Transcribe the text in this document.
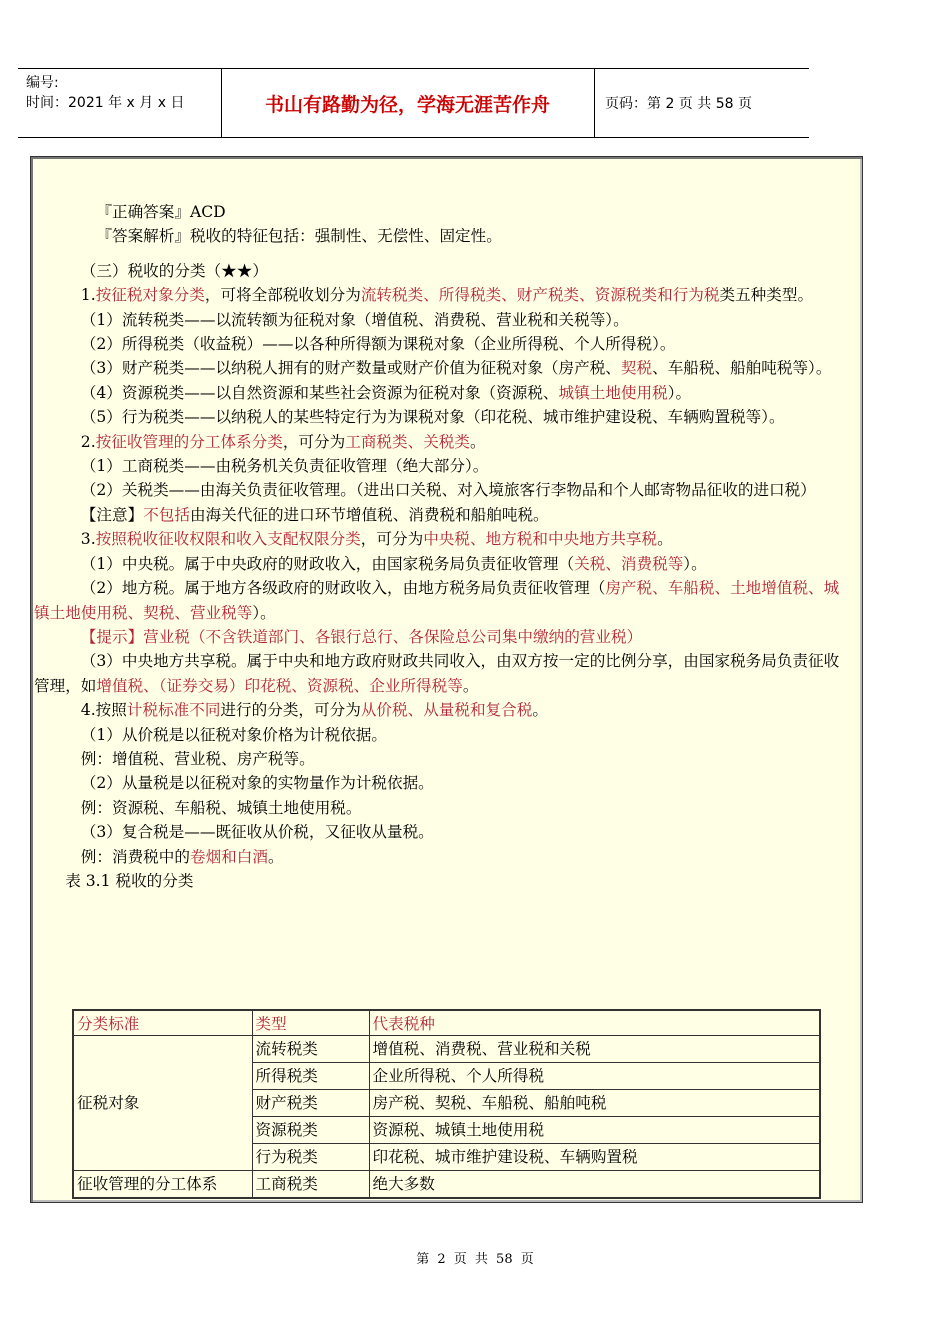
编号:
时间：2021 年 x 月 x 日	书山有路勤为径，学海无涯苦作舟	页码：第 2 页 共 58 页

『正确答案』ACD

『答案解析』税收的特征包括：强制性、无偿性、固定性。

（三）税收的分类（★★）

1.按征税对象分类，可将全部税收划分为流转税类、所得税类、财产税类、资源税类和行为税类五种类型。

（1）流转税类——以流转额为征税对象（增值税、消费税、营业税和关税等）。

（2）所得税类（收益税）——以各种所得额为课税对象（企业所得税、个人所得税）。

（3）财产税类——以纳税人拥有的财产数量或财产价值为征税对象（房产税、契税、车船税、船舶吨税等）。

（4）资源税类——以自然资源和某些社会资源为征税对象（资源税、城镇土地使用税）。

（5）行为税类——以纳税人的某些特定行为为课税对象（印花税、城市维护建设税、车辆购置税等）。

2.按征收管理的分工体系分类，可分为工商税类、关税类。

（1）工商税类——由税务机关负责征收管理（绝大部分）。

（2）关税类——由海关负责征收管理。（进出口关税、对入境旅客行李物品和个人邮寄物品征收的进口税）

【注意】不包括由海关代征的进口环节增值税、消费税和船舶吨税。

3.按照税收征收权限和收入支配权限分类，可分为中央税、地方税和中央地方共享税。

（1）中央税。属于中央政府的财政收入，由国家税务局负责征收管理（关税、消费税等）。

（2）地方税。属于地方各级政府的财政收入，由地方税务局负责征收管理（房产税、车船税、土地增值税、城镇土地使用税、契税、营业税等）。

【提示】营业税（不含铁道部门、各银行总行、各保险总公司集中缴纳的营业税）

（3）中央地方共享税。属于中央和地方政府财政共同收入，由双方按一定的比例分享，由国家税务局负责征收管理，如增值税、（证券交易）印花税、资源税、企业所得税等。

4.按照计税标准不同进行的分类，可分为从价税、从量税和复合税。

（1）从价税是以征税对象价格为计税依据。

例：增值税、营业税、房产税等。

（2）从量税是以征税对象的实物量作为计税依据。

例：资源税、车船税、城镇土地使用税。

（3）复合税是——既征收从价税，又征收从量税。

例：消费税中的卷烟和白酒。

表 3.1 税收的分类

分类标准	类型	代表税种
征税对象	流转税类	增值税、消费税、营业税和关税
	所得税类	企业所得税、个人所得税
	财产税类	房产税、契税、车船税、船舶吨税
	资源税类	资源税、城镇土地使用税
	行为税类	印花税、城市维护建设税、车辆购置税
征收管理的分工体系	工商税类	绝大多数
第 2 页 共 58 页
